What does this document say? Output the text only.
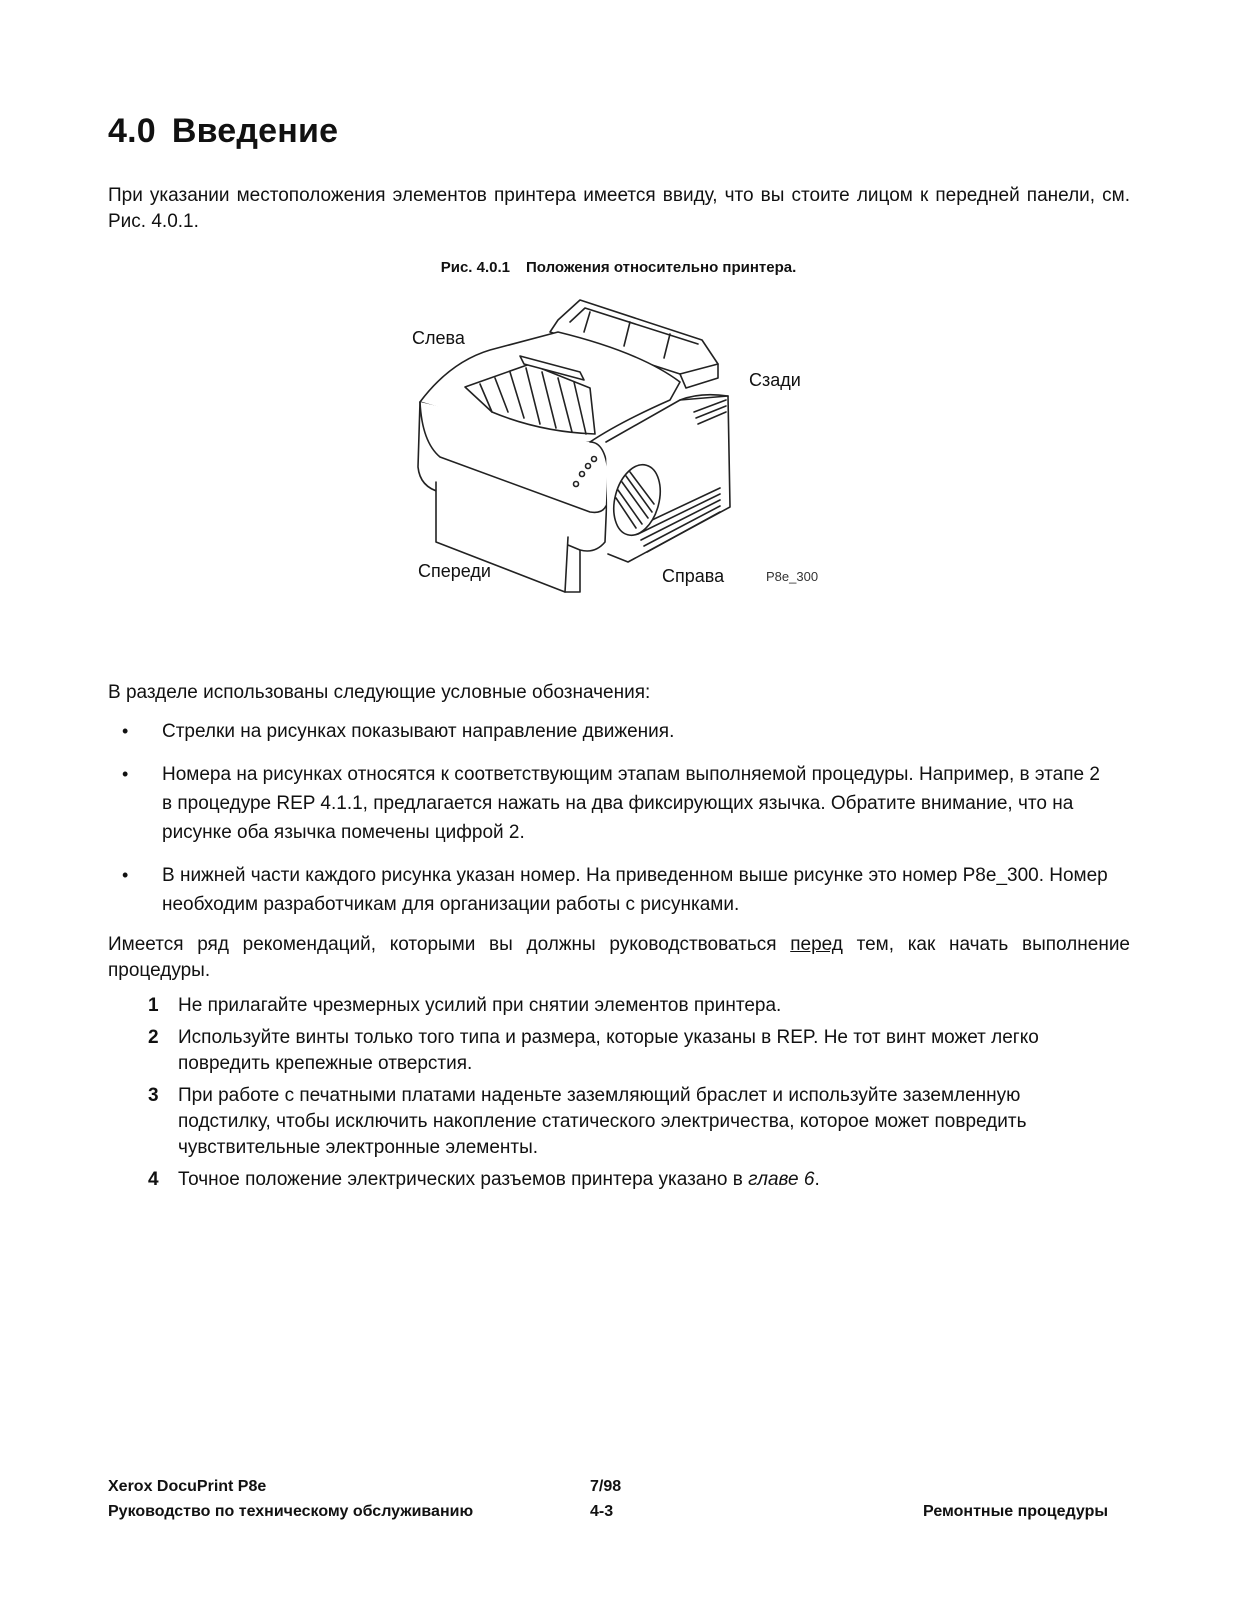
4.0 Введение
При указании местоположения элементов принтера имеется ввиду, что вы стоите лицом к передней панели, см. Рис. 4.0.1.
Рис. 4.0.1 Положения относительно принтера.
Слева
Сзади
Спереди	Справа	P8e_300
В разделе использованы следующие условные обозначения:
• Стрелки на рисунках показывают направление движения.
• Номера на рисунках относятся к соответствующим этапам выполняемой процедуры. Например, в этапе 2 в процедуре REP 4.1.1, предлагается нажать на два фиксирующих язычка. Обратите внимание, что на рисунке оба язычка помечены цифрой 2.
• В нижней части каждого рисунка указан номер. На приведенном выше рисунке это номер P8e_300. Номер необходим разработчикам для организации работы с рисунками.
Имеется ряд рекомендаций, которыми вы должны руководствоваться перед тем, как начать выполнение процедуры.
1 Не прилагайте чрезмерных усилий при снятии элементов принтера.
2 Используйте винты только того типа и размера, которые указаны в REP. Не тот винт может легко повредить крепежные отверстия.
3 При работе с печатными платами наденьте заземляющий браслет и используйте заземленную подстилку, чтобы исключить накопление статического электричества, которое может повредить чувствительные электронные элементы.
4 Точное положение электрических разъемов принтера указано в главе 6.
Xerox DocuPrint P8e	7/98
Руководство по техническому обслуживанию	4-3	Ремонтные процедуры
